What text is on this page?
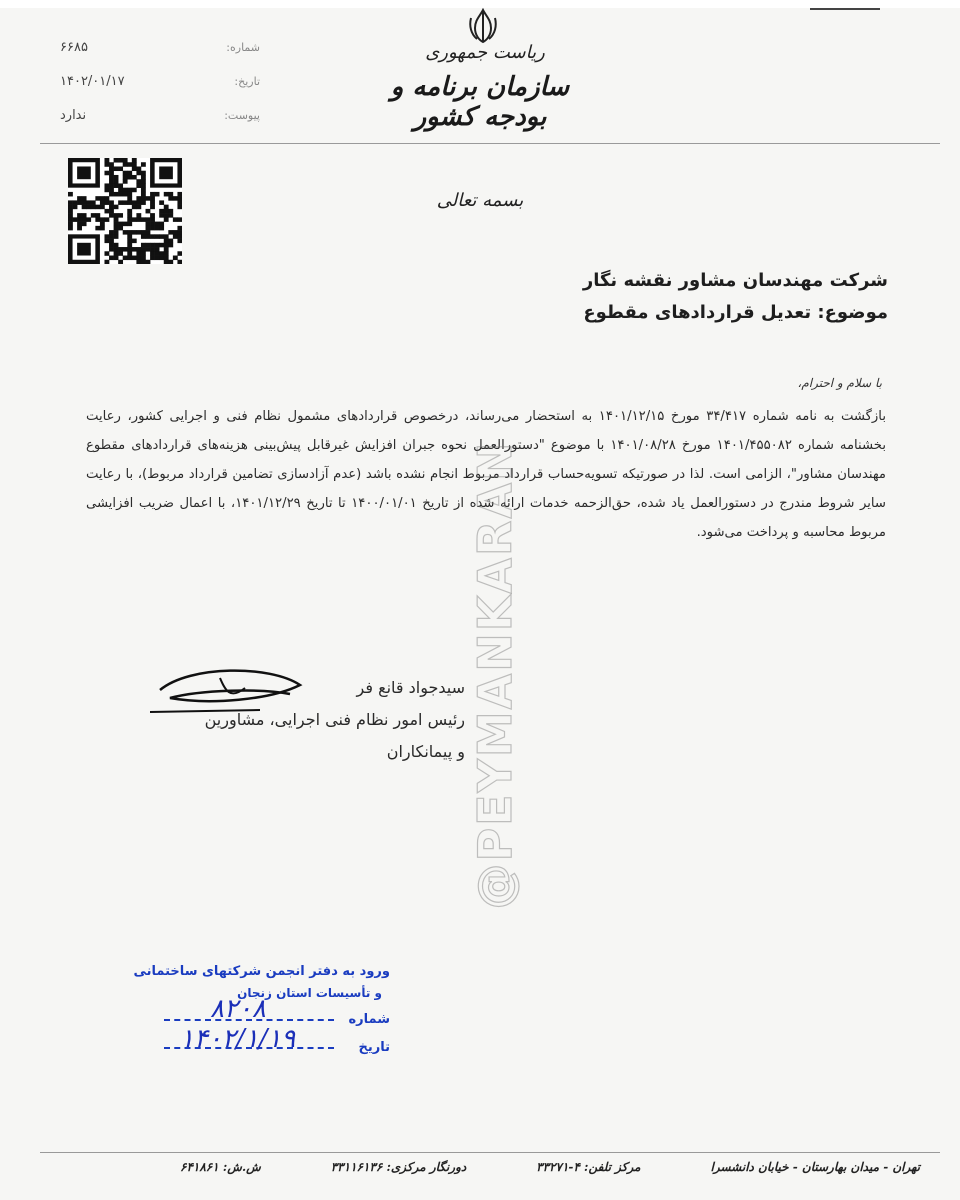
شماره:
۶۶۸۵
تاریخ:
۱۴۰۲/۰۱/۱۷
پیوست:
ندارد
ریاست جمهوری
سازمان برنامه و بودجه کشور
بسمه تعالی
شرکت مهندسان مشاور نقشه نگار
موضوع: تعدیل قراردادهای مقطوع
با سلام و احترام،
بازگشت به نامه شماره ۳۴/۴۱۷ مورخ ۱۴۰۱/۱۲/۱۵ به استحضار می‌رساند، درخصوص قراردادهای مشمول نظام فنی و اجرایی کشور، رعایت بخشنامه شماره ۱۴۰۱/۴۵۵۰۸۲ مورخ ۱۴۰۱/۰۸/۲۸ با موضوع "دستورالعمل نحوه جبران افزایش غیرقابل پیش‌بینی هزینه‌های قراردادهای مقطوع مهندسان مشاور"، الزامی است. لذا در صورتیکه تسویه‌حساب قرارداد مربوط انجام نشده باشد (عدم آزادسازی تضامین قرارداد مربوط)، با رعایت سایر شروط مندرج در دستورالعمل یاد شده، حق‌الزحمه خدمات ارائه شده از تاریخ ۱۴۰۰/۰۱/۰۱ تا تاریخ ۱۴۰۱/۱۲/۲۹، با اعمال ضریب افزایشی مربوط محاسبه و پرداخت می‌شود.
@PEYMANKARAN
سیدجواد قانع فر
رئیس امور نظام فنی اجرایی، مشاورین
و پیمانکاران
ورود به دفتر انجمن شرکتهای ساختمانی
و تأسیسات استان زنجان
شماره
تاریخ
۸۲۰۸
۱۴۰۲/۱/۱۹
تهران - میدان بهارستان - خیابان دانشسرا
مرکز تلفن: ۴-۳۳۲۷۱
دورنگار مرکزی: ۳۳۱۱۶۱۳۶
ش.ش: ۶۴۱۸۶۱
